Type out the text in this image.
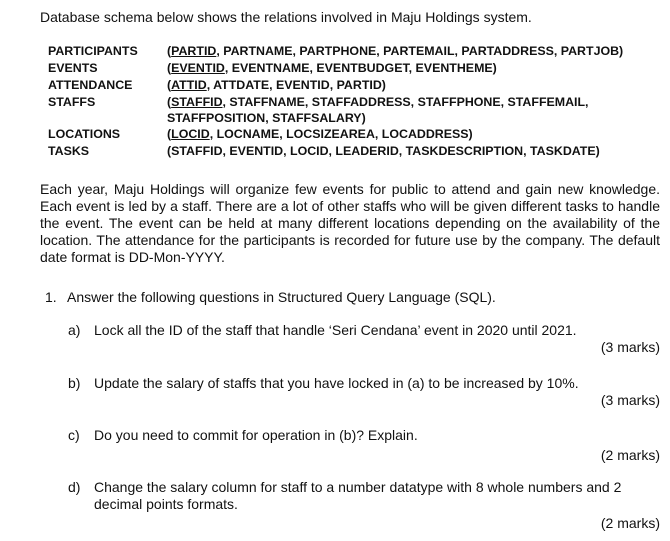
Database schema below shows the relations involved in Maju Holdings system.
PARTICIPANTS	(PARTID, PARTNAME, PARTPHONE, PARTEMAIL, PARTADDRESS, PARTJOB)
EVENTS	(EVENTID, EVENTNAME, EVENTBUDGET, EVENTHEME)
ATTENDANCE	(ATTID, ATTDATE, EVENTID, PARTID)
STAFFS	(STAFFID, STAFFNAME, STAFFADDRESS, STAFFPHONE, STAFFEMAIL, STAFFPOSITION, STAFFSALARY)
LOCATIONS	(LOCID, LOCNAME, LOCSIZEAREA, LOCADDRESS)
TASKS	(STAFFID, EVENTID, LOCID, LEADERID, TASKDESCRIPTION, TASKDATE)
Each year, Maju Holdings will organize few events for public to attend and gain new knowledge. Each event is led by a staff. There are a lot of other staffs who will be given different tasks to handle the event. The event can be held at many different locations depending on the availability of the location. The attendance for the participants is recorded for future use by the company. The default date format is DD-Mon-YYYY.
1. Answer the following questions in Structured Query Language (SQL).
a) Lock all the ID of the staff that handle ‘Seri Cendana’ event in 2020 until 2021.
(3 marks)
b) Update the salary of staffs that you have locked in (a) to be increased by 10%.
(3 marks)
c)	Do you need to commit for operation in (b)? Explain.
(2 marks)
d) Change the salary column for staff to a number datatype with 8 whole numbers and 2 decimal points formats.
(2 marks)
